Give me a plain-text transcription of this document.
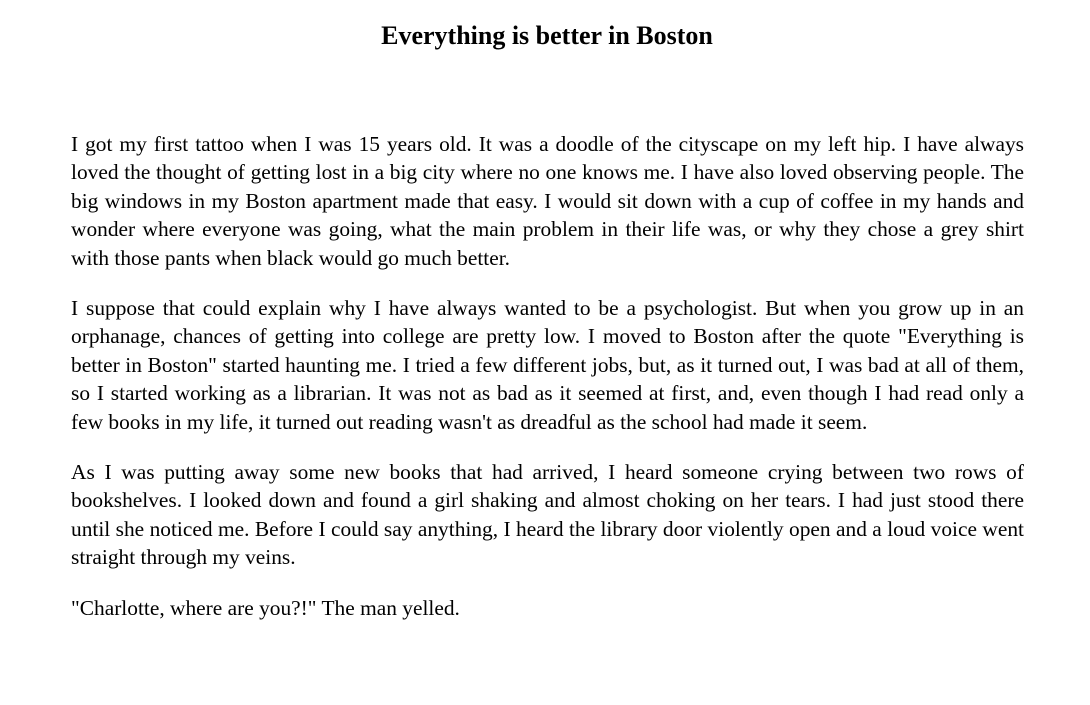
Everything is better in Boston

I got my first tattoo when I was 15 years old. It was a doodle of the cityscape on my left hip. I have always loved the thought of getting lost in a big city where no one knows me. I have also loved observing people. The big windows in my Boston apartment made that easy. I would sit down with a cup of coffee in my hands and wonder where everyone was going, what the main problem in their life was, or why they chose a grey shirt with those pants when black would go much better.

I suppose that could explain why I have always wanted to be a psychologist. But when you grow up in an orphanage, chances of getting into college are pretty low. I moved to Boston after the quote "Everything is better in Boston" started haunting me. I tried a few different jobs, but, as it turned out, I was bad at all of them, so I started working as a librarian. It was not as bad as it seemed at first, and, even though I had read only a few books in my life, it turned out reading wasn't as dreadful as the school had made it seem.

As I was putting away some new books that had arrived, I heard someone crying between two rows of bookshelves. I looked down and found a girl shaking and almost choking on her tears. I had just stood there until she noticed me. Before I could say anything, I heard the library door violently open and a loud voice went straight through my veins.

"Charlotte, where are you?!" The man yelled.
